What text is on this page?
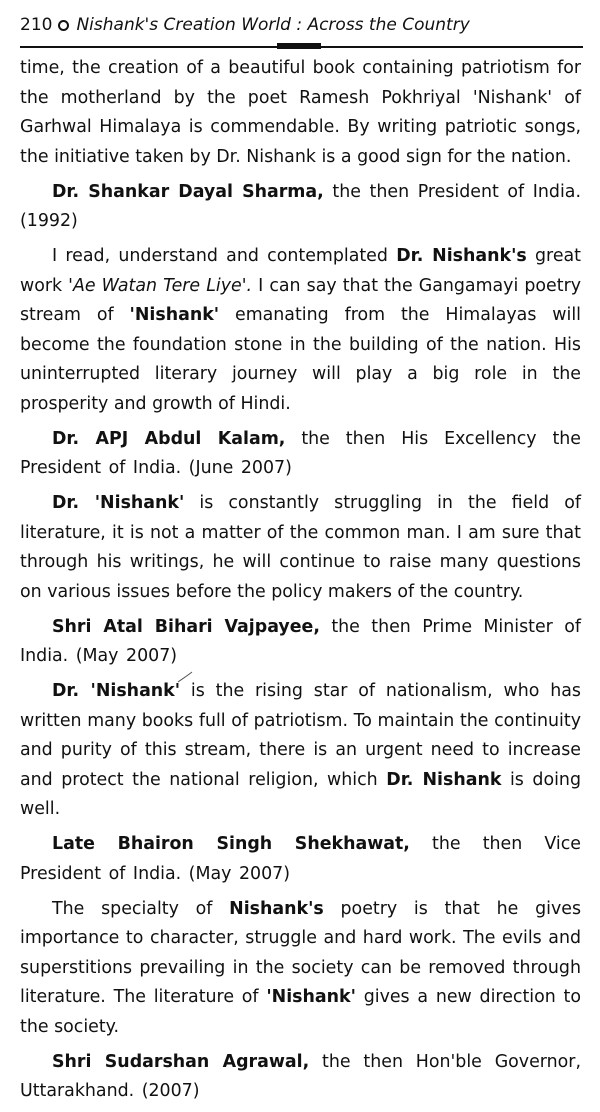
210 Nishank's Creation World : Across the Country

time, the creation of a beautiful book containing patriotism for the motherland by the poet Ramesh Pokhriyal 'Nishank' of Garhwal Himalaya is commendable. By writing patriotic songs, the initiative taken by Dr. Nishank is a good sign for the nation.

Dr. Shankar Dayal Sharma, the then President of India. (1992)

I read, understand and contemplated Dr. Nishank's great work 'Ae Watan Tere Liye'. I can say that the Gangamayi poetry stream of 'Nishank' emanating from the Himalayas will become the foundation stone in the building of the nation. His uninterrupted literary journey will play a big role in the prosperity and growth of Hindi.

Dr. APJ Abdul Kalam, the then His Excellency the President of India. (June 2007)

Dr. 'Nishank' is constantly struggling in the field of literature, it is not a matter of the common man. I am sure that through his writings, he will continue to raise many questions on various issues before the policy makers of the country.

Shri Atal Bihari Vajpayee, the then Prime Minister of India. (May 2007)

Dr. 'Nishank' is the rising star of nationalism, who has written many books full of patriotism. To maintain the continuity and purity of this stream, there is an urgent need to increase and protect the national religion, which Dr. Nishank is doing well.

Late Bhairon Singh Shekhawat, the then Vice President of India. (May 2007)

The specialty of Nishank's poetry is that he gives importance to character, struggle and hard work. The evils and superstitions prevailing in the society can be removed through literature. The literature of 'Nishank' gives a new direction to the society.

Shri Sudarshan Agrawal, the then Hon'ble Governor, Uttarakhand. (2007)
